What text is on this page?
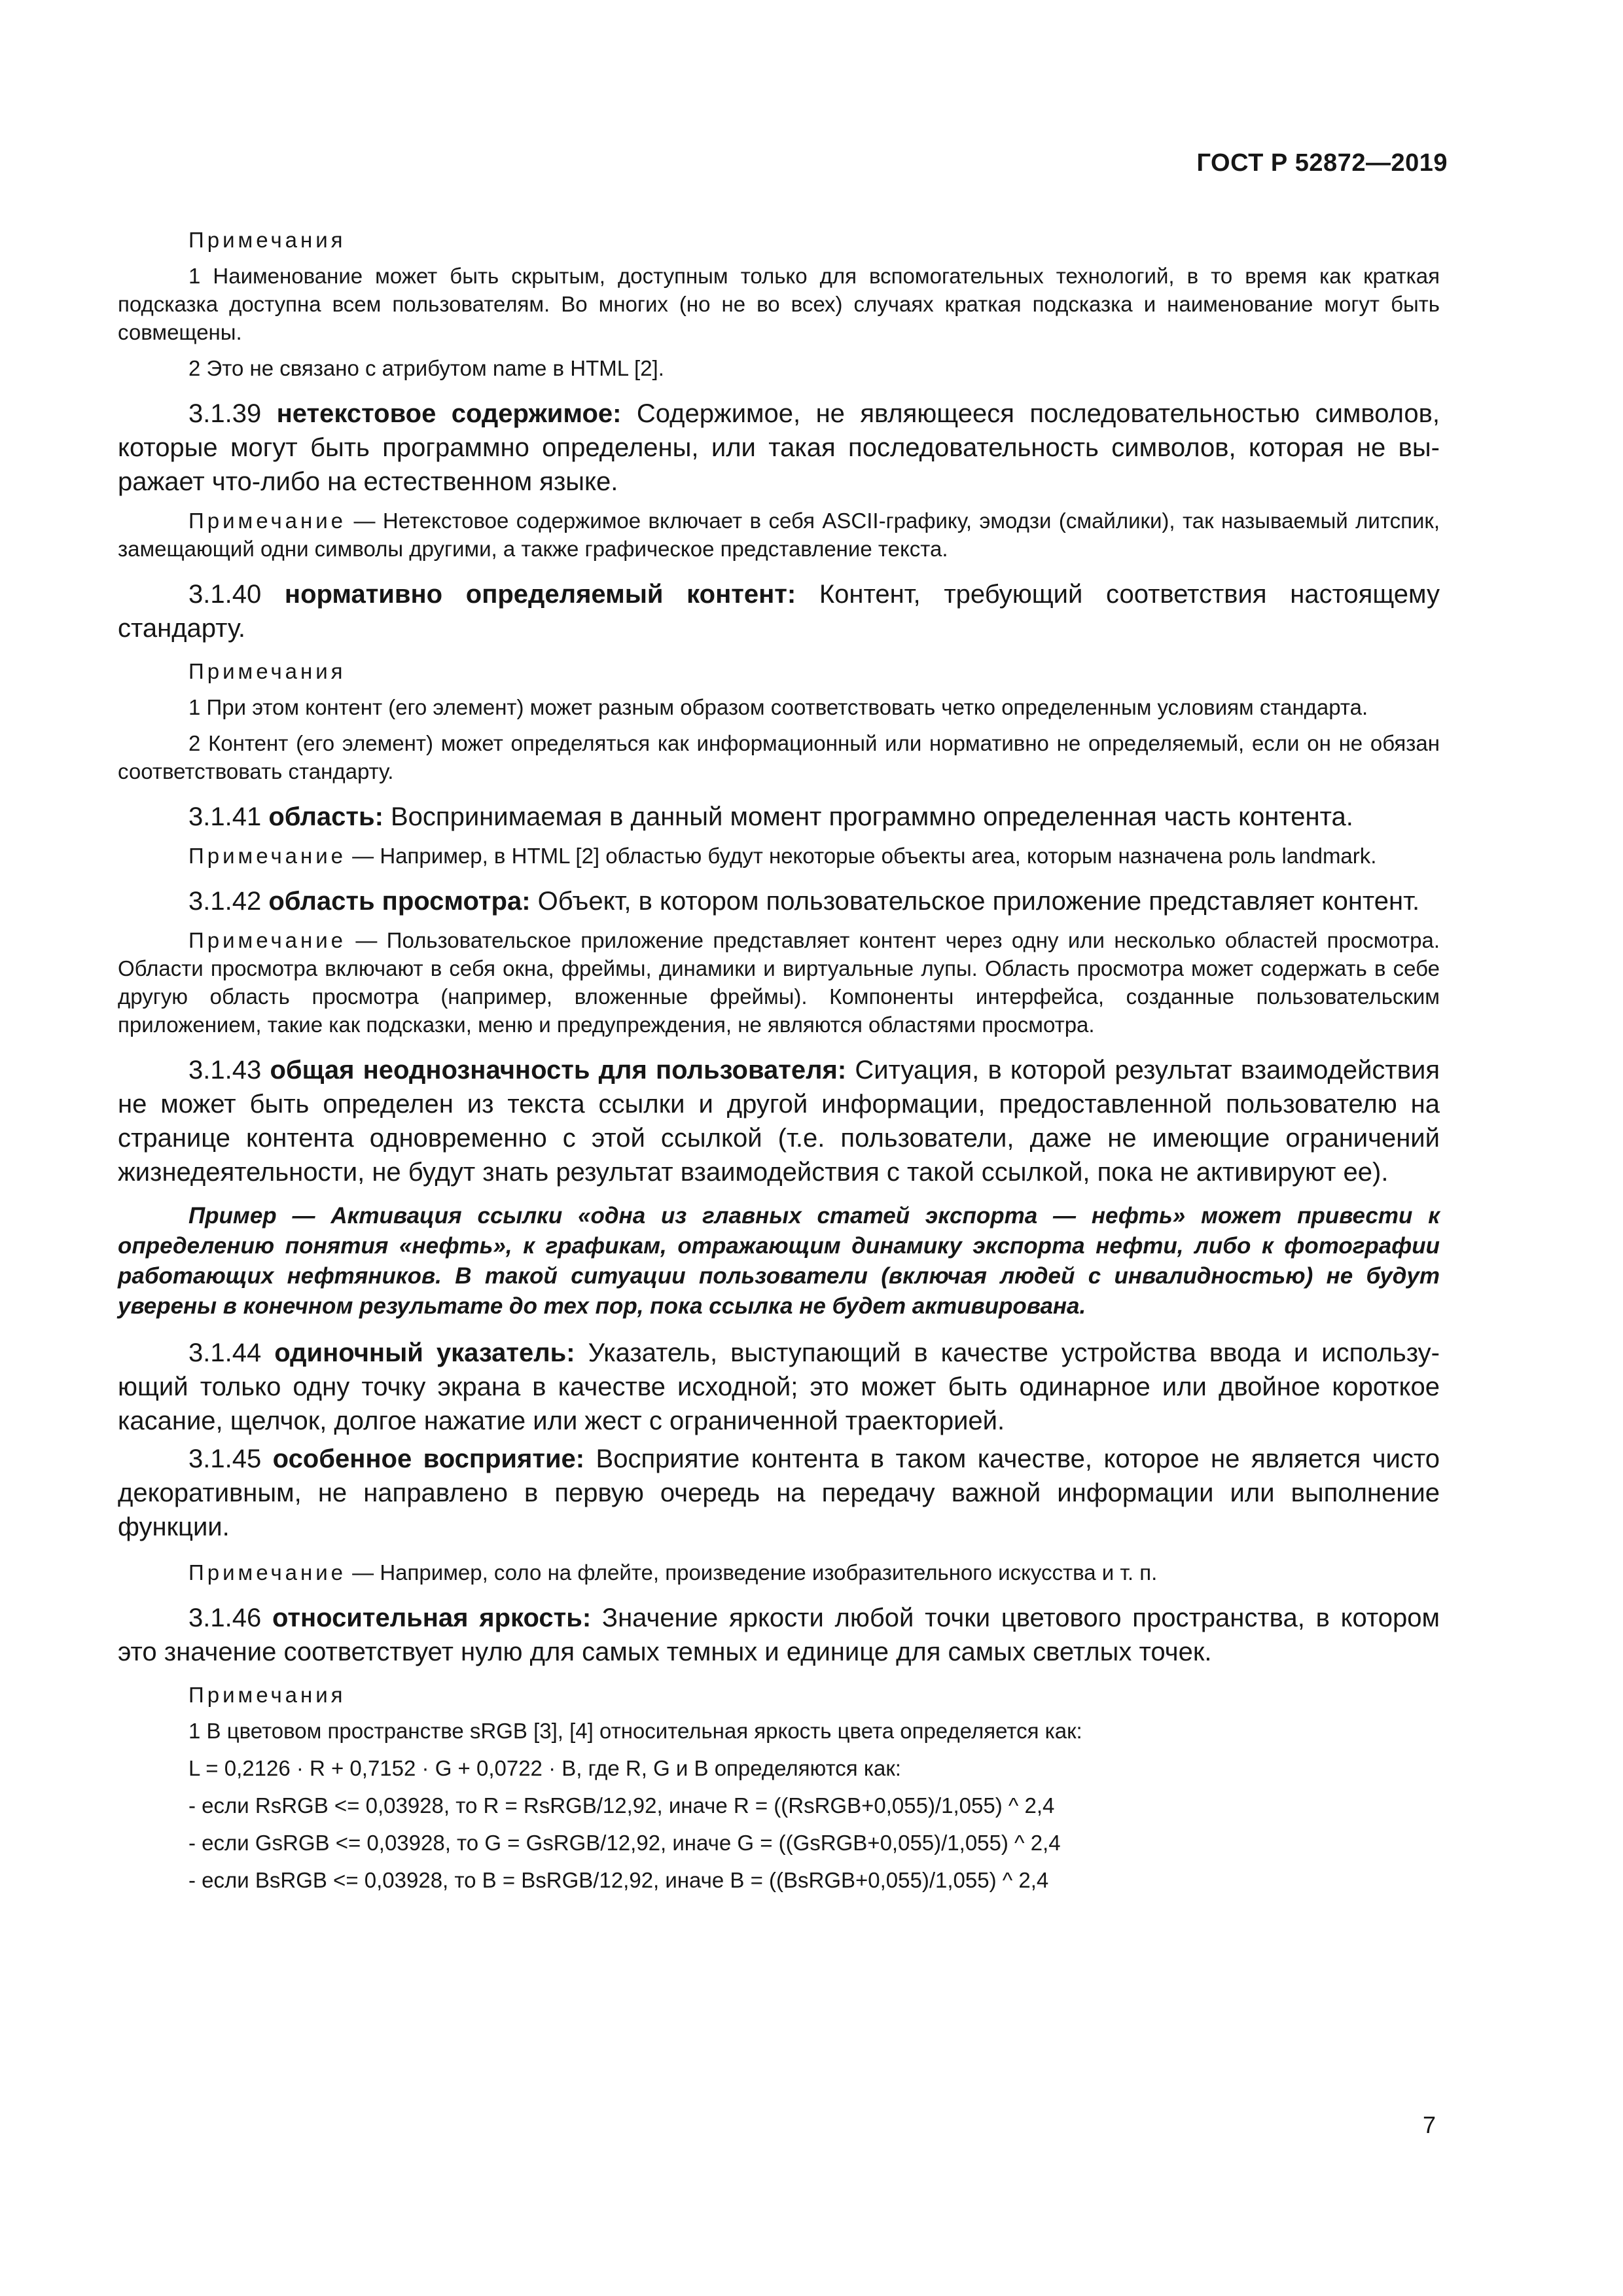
ГОСТ Р 52872—2019

Примечания

1 Наименование может быть скрытым, доступным только для вспомогательных технологий, в то время как краткая подсказка доступна всем пользователям. Во многих (но не во всех) случаях краткая подсказка и наименование могут быть совмещены.

2 Это не связано с атрибутом name в HTML [2].

3.1.39 нетекстовое содержимое: Содержимое, не являющееся последовательностью символов, которые могут быть программно определены, или такая последовательность символов, которая не выражает что-либо на естественном языке.

Примечание — Нетекстовое содержимое включает в себя ASCII-графику, эмодзи (смайлики), так называемый литспик, замещающий одни символы другими, а также графическое представление текста.

3.1.40 нормативно определяемый контент: Контент, требующий соответствия настоящему стандарту.

Примечания

1 При этом контент (его элемент) может разным образом соответствовать четко определенным условиям стандарта.

2 Контент (его элемент) может определяться как информационный или нормативно не определяемый, если он не обязан соответствовать стандарту.

3.1.41 область: Воспринимаемая в данный момент программно определенная часть контента.

Примечание — Например, в HTML [2] областью будут некоторые объекты area, которым назначена роль landmark.

3.1.42 область просмотра: Объект, в котором пользовательское приложение представляет контент.

Примечание — Пользовательское приложение представляет контент через одну или несколько областей просмотра. Области просмотра включают в себя окна, фреймы, динамики и виртуальные лупы. Область просмотра может содержать в себе другую область просмотра (например, вложенные фреймы). Компоненты интерфейса, созданные пользовательским приложением, такие как подсказки, меню и предупреждения, не являются областями просмотра.

3.1.43 общая неоднозначность для пользователя: Ситуация, в которой результат взаимодействия не может быть определен из текста ссылки и другой информации, предоставленной пользователю на странице контента одновременно с этой ссылкой (т.е. пользователи, даже не имеющие ограничений жизнедеятельности, не будут знать результат взаимодействия с такой ссылкой, пока не активируют ее).

Пример — Активация ссылки «одна из главных статей экспорта — нефть» может привести к определению понятия «нефть», к графикам, отражающим динамику экспорта нефти, либо к фотографии работающих нефтяников. В такой ситуации пользователи (включая людей с инвалидностью) не будут уверены в конечном результате до тех пор, пока ссылка не будет активирована.

3.1.44 одиночный указатель: Указатель, выступающий в качестве устройства ввода и использующий только одну точку экрана в качестве исходной; это может быть одинарное или двойное короткое касание, щелчок, долгое нажатие или жест с ограниченной траекторией.

3.1.45 особенное восприятие: Восприятие контента в таком качестве, которое не является чисто декоративным, не направлено в первую очередь на передачу важной информации или выполнение функции.

Примечание — Например, соло на флейте, произведение изобразительного искусства и т. п.

3.1.46 относительная яркость: Значение яркости любой точки цветового пространства, в котором это значение соответствует нулю для самых темных и единице для самых светлых точек.

Примечания

1 В цветовом пространстве sRGB [3], [4] относительная яркость цвета определяется как:

L = 0,2126 · R + 0,7152 · G + 0,0722 · B, где R, G и B определяются как:

- если RsRGB <= 0,03928, то R = RsRGB/12,92, иначе R = ((RsRGB+0,055)/1,055) ^ 2,4

- если GsRGB <= 0,03928, то G = GsRGB/12,92, иначе G = ((GsRGB+0,055)/1,055) ^ 2,4

- если BsRGB <= 0,03928, то B = BsRGB/12,92, иначе B = ((BsRGB+0,055)/1,055) ^ 2,4

7
